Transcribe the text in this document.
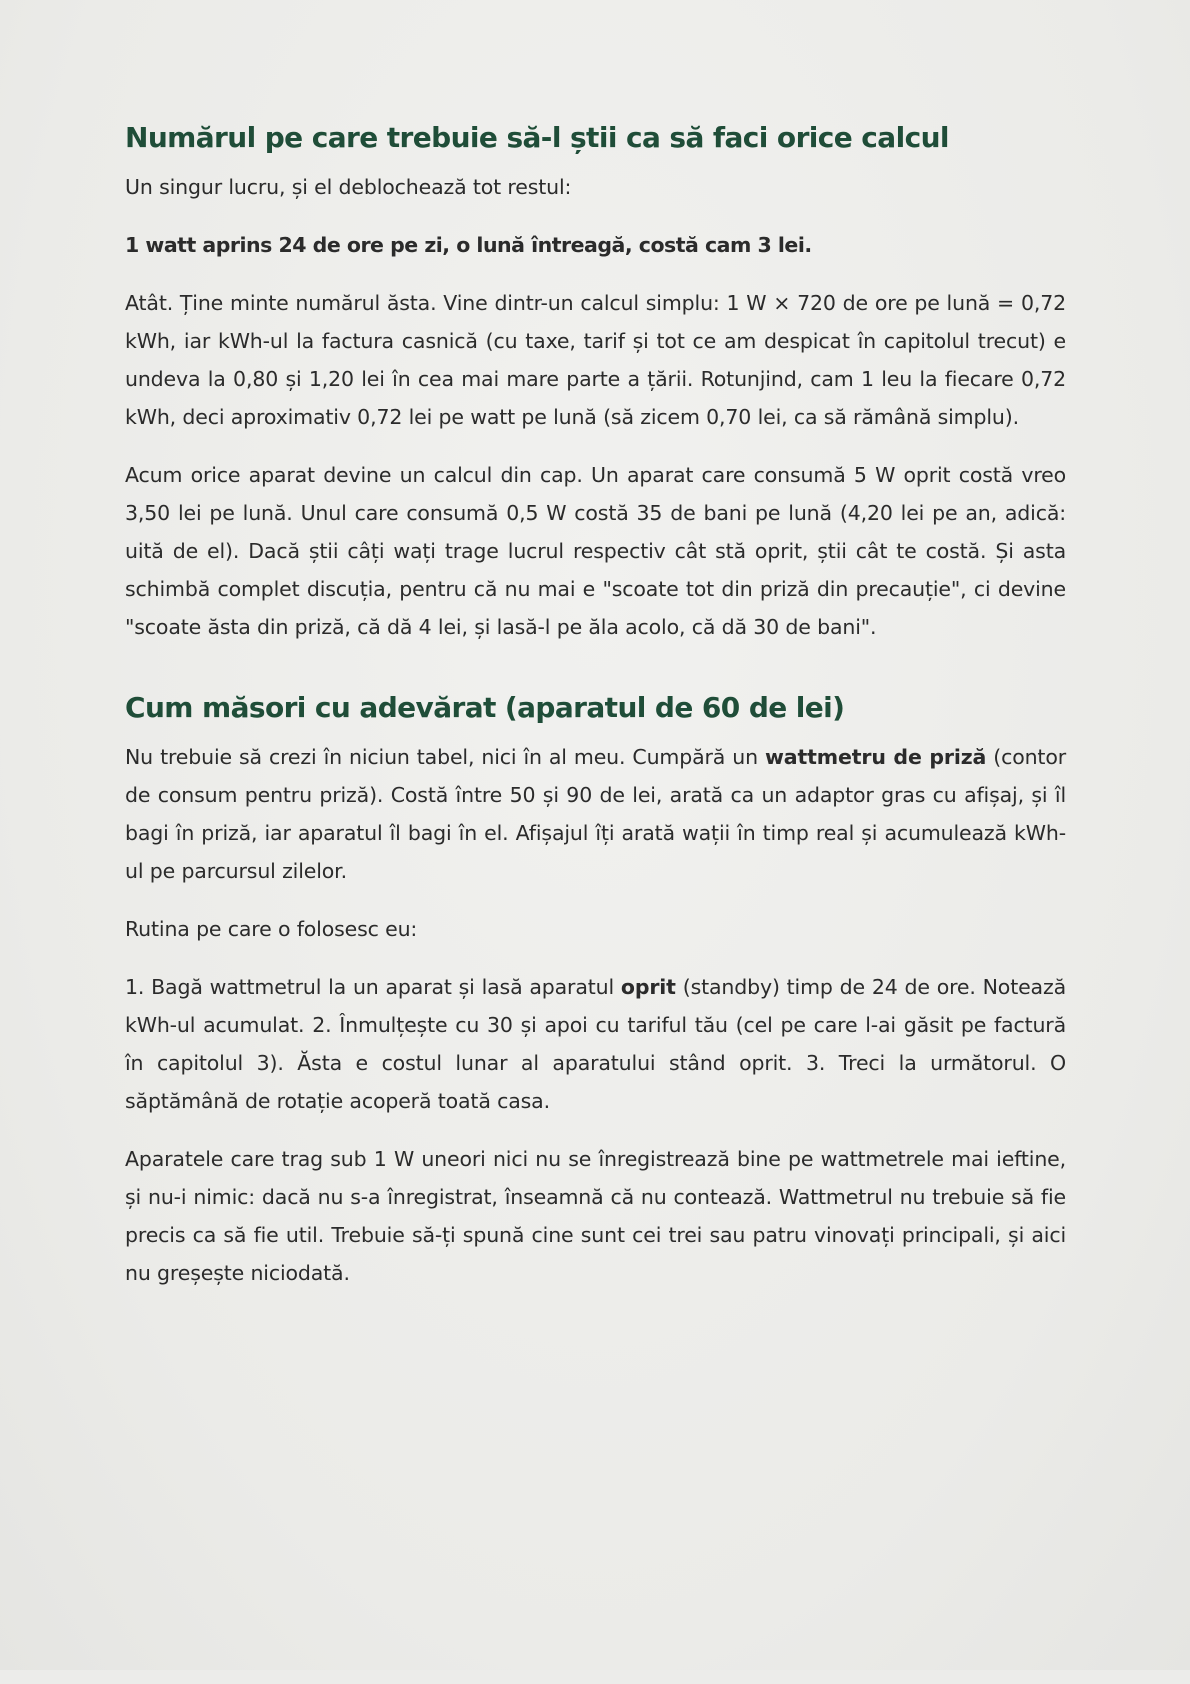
Numărul pe care trebuie să-l știi ca să faci orice calcul

Un singur lucru, și el deblochează tot restul:

1 watt aprins 24 de ore pe zi, o lună întreagă, costă cam 3 lei.

Atât. Ține minte numărul ăsta. Vine dintr-un calcul simplu: 1 W × 720 de ore pe lună = 0,72 kWh, iar kWh-ul la factura casnică (cu taxe, tarif și tot ce am despicat în capitolul trecut) e undeva la 0,80 și 1,20 lei în cea mai mare parte a țării. Rotunjind, cam 1 leu la fiecare 0,72 kWh, deci aproximativ 0,72 lei pe watt pe lună (să zicem 0,70 lei, ca să rămână simplu).

Acum orice aparat devine un calcul din cap. Un aparat care consumă 5 W oprit costă vreo 3,50 lei pe lună. Unul care consumă 0,5 W costă 35 de bani pe lună (4,20 lei pe an, adică: uită de el). Dacă știi câți wați trage lucrul respectiv cât stă oprit, știi cât te costă. Și asta schimbă complet discuția, pentru că nu mai e "scoate tot din priză din precauție", ci devine "scoate ăsta din priză, că dă 4 lei, și lasă-l pe ăla acolo, că dă 30 de bani".

Cum măsori cu adevărat (aparatul de 60 de lei)

Nu trebuie să crezi în niciun tabel, nici în al meu. Cumpără un wattmetru de priză (contor de consum pentru priză). Costă între 50 și 90 de lei, arată ca un adaptor gras cu afișaj, și îl bagi în priză, iar aparatul îl bagi în el. Afișajul îți arată wații în timp real și acumulează kWh-ul pe parcursul zilelor.

Rutina pe care o folosesc eu:

1. Bagă wattmetrul la un aparat și lasă aparatul oprit (standby) timp de 24 de ore. Notează kWh-ul acumulat. 2. Înmulțește cu 30 și apoi cu tariful tău (cel pe care l-ai găsit pe factură în capitolul 3). Ăsta e costul lunar al aparatului stând oprit. 3. Treci la următorul. O săptămână de rotație acoperă toată casa.

Aparatele care trag sub 1 W uneori nici nu se înregistrează bine pe wattmetrele mai ieftine, și nu-i nimic: dacă nu s-a înregistrat, înseamnă că nu contează. Wattmetrul nu trebuie să fie precis ca să fie util. Trebuie să-ți spună cine sunt cei trei sau patru vinovați principali, și aici nu greșește niciodată.
